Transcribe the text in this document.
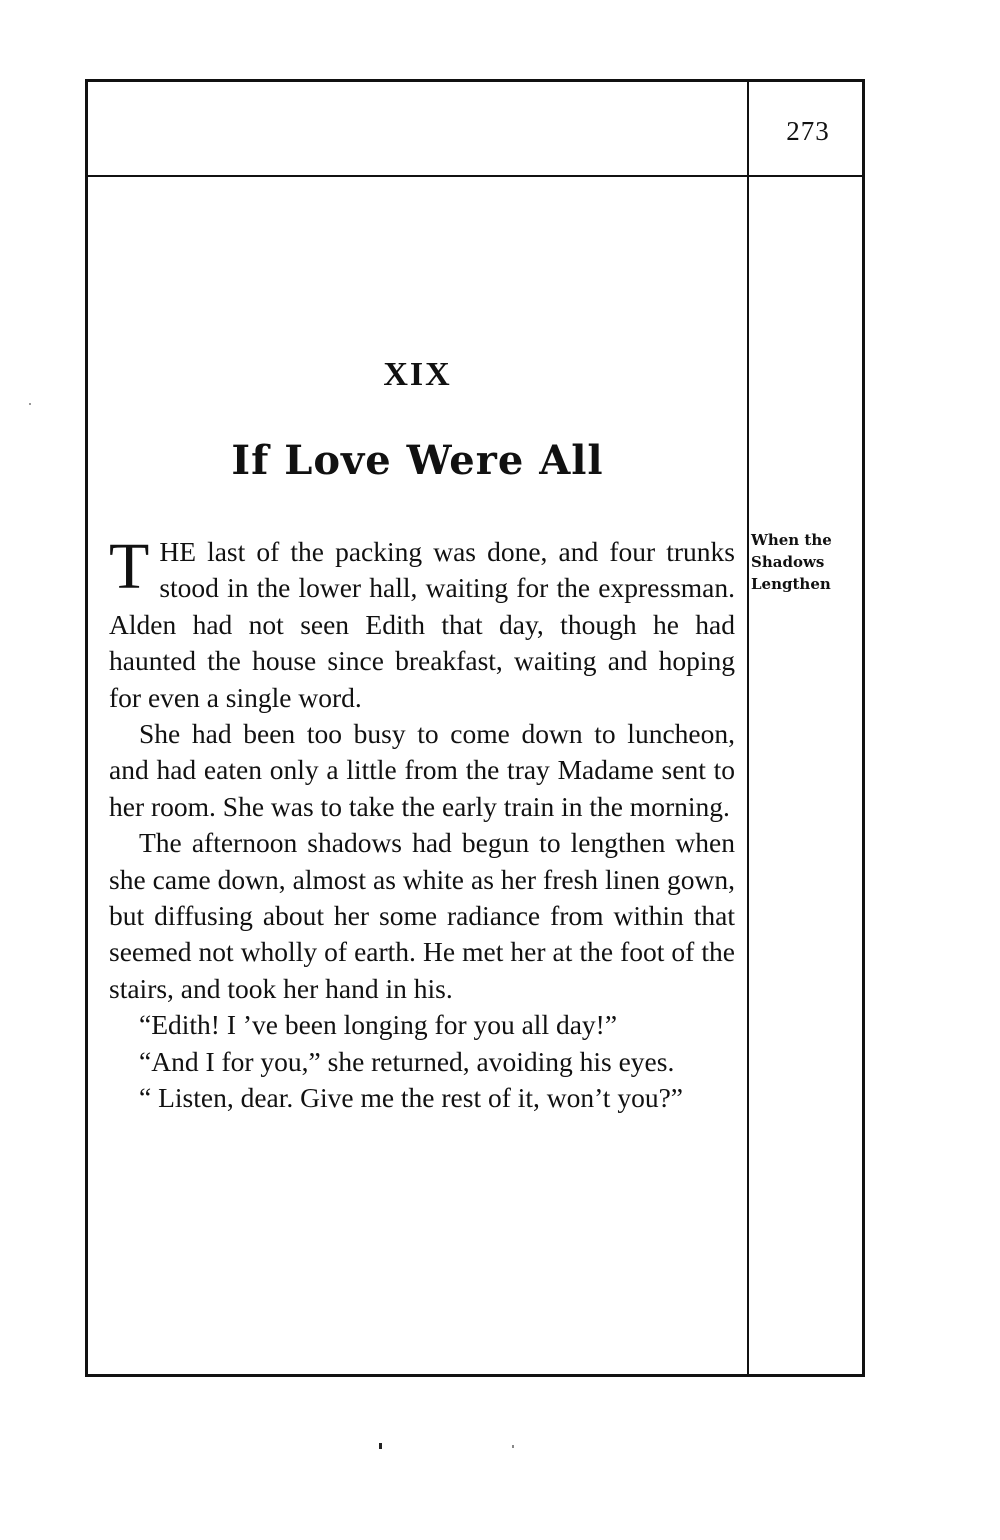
273
XIX
If Love Were All
When the
Shadows
Lengthen

THE last of the packing was done, and four trunks stood in the lower hall, waiting for the expressman. Alden had not seen Edith that day, though he had haunted the house since breakfast, waiting and hoping for even a single word.

She had been too busy to come down to luncheon, and had eaten only a little from the tray Madame sent to her room. She was to take the early train in the morning.

The afternoon shadows had begun to lengthen when she came down, almost as white as her fresh linen gown, but diffusing about her some radiance from within that seemed not wholly of earth. He met her at the foot of the stairs, and took her hand in his.

“Edith! I ’ve been longing for you all day!”

“And I for you,” she returned, avoiding his eyes.

“ Listen, dear. Give me the rest of it, won’t you?”
